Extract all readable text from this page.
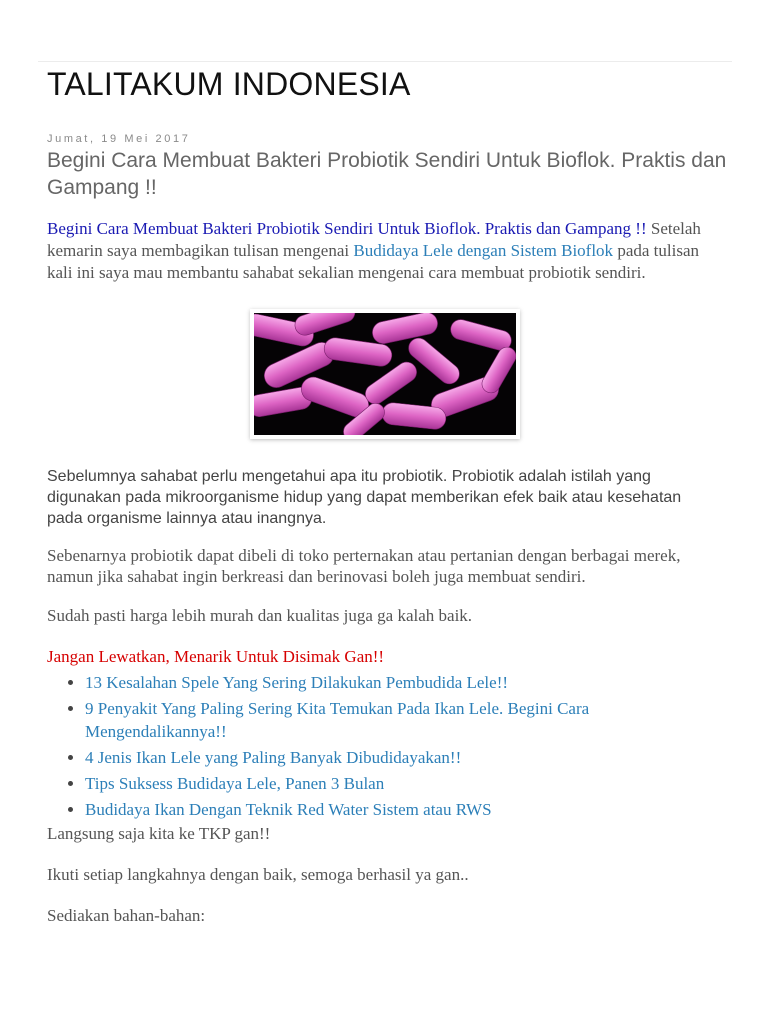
TALITAKUM INDONESIA
Jumat, 19 Mei 2017
Begini Cara Membuat Bakteri Probiotik Sendiri Untuk Bioflok. Praktis dan Gampang !!

Begini Cara Membuat Bakteri Probiotik Sendiri Untuk Bioflok. Praktis dan Gampang !! Setelah kemarin saya membagikan tulisan mengenai Budidaya Lele dengan Sistem Bioflok pada tulisan kali ini saya mau membantu sahabat sekalian mengenai cara membuat probiotik sendiri.

Sebelumnya sahabat perlu mengetahui apa itu probiotik. Probiotik adalah istilah yang digunakan pada mikroorganisme hidup yang dapat memberikan efek baik atau kesehatan pada organisme lainnya atau inangnya.

Sebenarnya probiotik dapat dibeli di toko perternakan atau pertanian dengan berbagai merek, namun jika sahabat ingin berkreasi dan berinovasi boleh juga membuat sendiri.

Sudah pasti harga lebih murah dan kualitas juga ga kalah baik.

Jangan Lewatkan, Menarik Untuk Disimak Gan!!

• 13 Kesalahan Spele Yang Sering Dilakukan Pembudida Lele!!
• 9 Penyakit Yang Paling Sering Kita Temukan Pada Ikan Lele. Begini Cara Mengendalikannya!!
• 4 Jenis Ikan Lele yang Paling Banyak Dibudidayakan!!
• Tips Suksess Budidaya Lele, Panen 3 Bulan
• Budidaya Ikan Dengan Teknik Red Water Sistem atau RWS

Langsung saja kita ke TKP gan!!

Ikuti setiap langkahnya dengan baik, semoga berhasil ya gan..

Sediakan bahan-bahan:
